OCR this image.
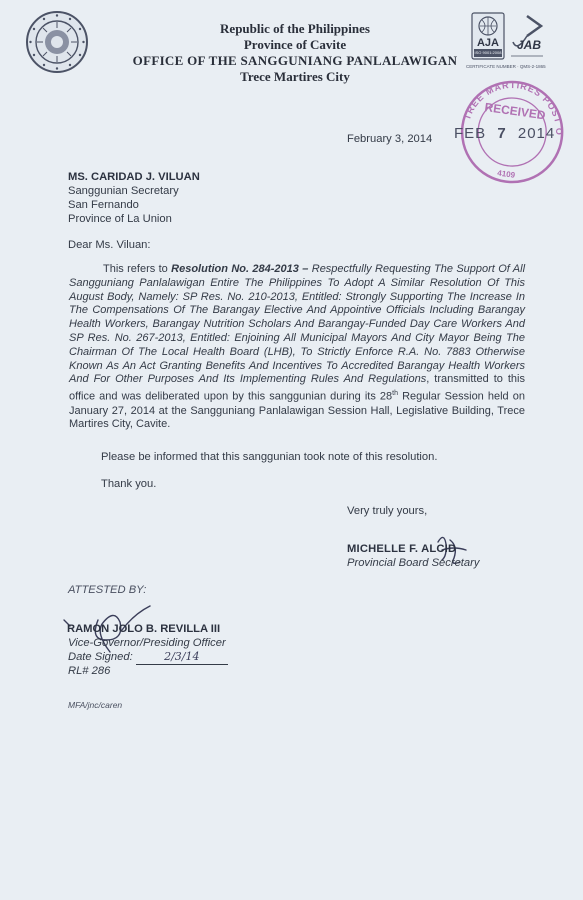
Republic of the Philippines
Province of Cavite
OFFICE OF THE SANGGUNIANG PANLALAWIGAN
Trece Martires City
AJA
ISO 9001:2008
JAB
CERTIFICATE NUMBER · QMS-2-1865
TREE MARTIRES POST OFFICE
RECEIVED
4109
FEB 7 2014
February 3, 2014
MS. CARIDAD J. VILUAN
Sanggunian Secretary
San Fernando
Province of La Union
Dear Ms. Viluan:
This refers to Resolution No. 284-2013 – Respectfully Requesting The Support Of All Sangguniang Panlalawigan Entire The Philippines To Adopt A Similar Resolution Of This August Body, Namely: SP Res. No. 210-2013, Entitled: Strongly Supporting The Increase In The Compensations Of The Barangay Elective And Appointive Officials Including Barangay Health Workers, Barangay Nutrition Scholars And Barangay-Funded Day Care Workers And SP Res. No. 267-2013, Entitled: Enjoining All Municipal Mayors And City Mayor Being The Chairman Of The Local Health Board (LHB), To Strictly Enforce R.A. No. 7883 Otherwise Known As An Act Granting Benefits And Incentives To Accredited Barangay Health Workers And For Other Purposes And Its Implementing Rules And Regulations, transmitted to this office and was deliberated upon by this sanggunian during its 28th Regular Session held on January 27, 2014 at the Sangguniang Panlalawigan Session Hall, Legislative Building, Trece Martires City, Cavite.
Please be informed that this sanggunian took note of this resolution.
Thank you.
Very truly yours,
MICHELLE F. ALCID
Provincial Board Secretary
ATTESTED BY:
RAMON JOLO B. REVILLA III
Vice-Governor/Presiding Officer
Date Signed:	2/3/14
RL# 286
MFA/jnc/caren
